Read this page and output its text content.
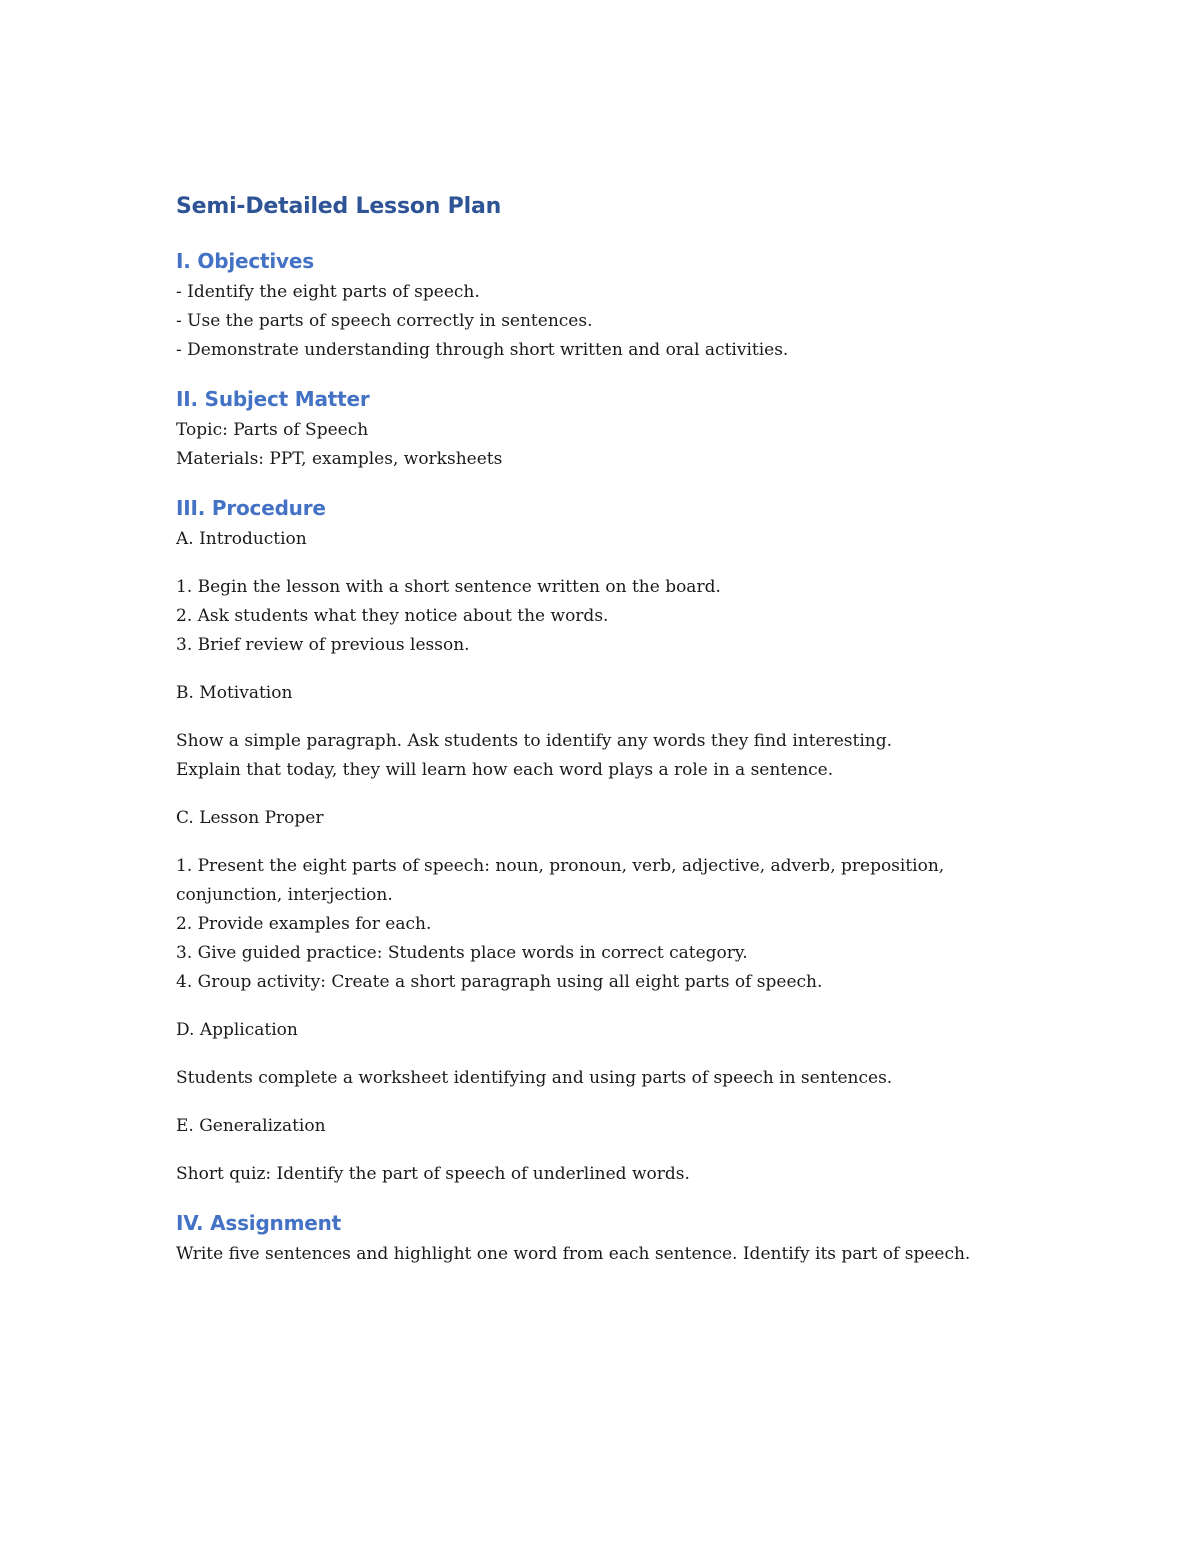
Semi-Detailed Lesson Plan
I. Objectives

- Identify the eight parts of speech.

- Use the parts of speech correctly in sentences.

- Demonstrate understanding through short written and oral activities.

II. Subject Matter

Topic: Parts of Speech

Materials: PPT, examples, worksheets

III. Procedure

A. Introduction

1. Begin the lesson with a short sentence written on the board.

2. Ask students what they notice about the words.

3. Brief review of previous lesson.

B. Motivation

Show a simple paragraph. Ask students to identify any words they find interesting.

Explain that today, they will learn how each word plays a role in a sentence.

C. Lesson Proper

1. Present the eight parts of speech: noun, pronoun, verb, adjective, adverb, preposition, conjunction, interjection.

2. Provide examples for each.

3. Give guided practice: Students place words in correct category.

4. Group activity: Create a short paragraph using all eight parts of speech.

D. Application

Students complete a worksheet identifying and using parts of speech in sentences.

E. Generalization

Short quiz: Identify the part of speech of underlined words.

IV. Assignment

Write five sentences and highlight one word from each sentence. Identify its part of speech.
